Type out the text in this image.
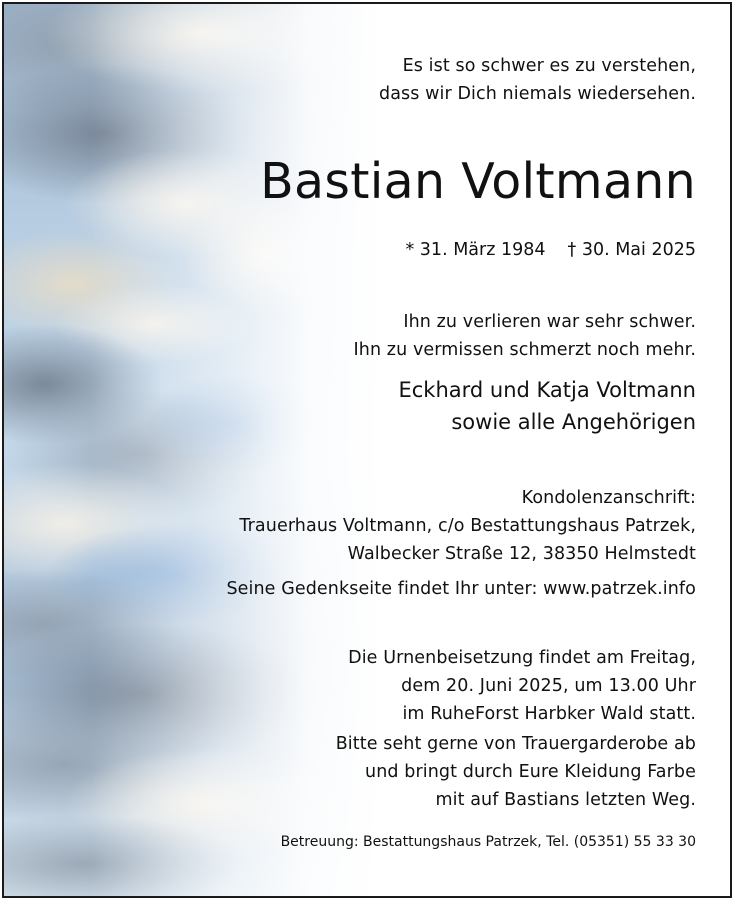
Es ist so schwer es zu verstehen,
dass wir Dich niemals wiedersehen.
Bastian Voltmann
* 31. März 1984 † 30. Mai 2025
Ihn zu verlieren war sehr schwer.
Ihn zu vermissen schmerzt noch mehr.
Eckhard und Katja Voltmann
sowie alle Angehörigen
Kondolenzanschrift:
Trauerhaus Voltmann, c/o Bestattungshaus Patrzek,
Walbecker Straße 12, 38350 Helmstedt
Seine Gedenkseite findet Ihr unter: www.patrzek.info
Die Urnenbeisetzung findet am Freitag,
dem 20. Juni 2025, um 13.00 Uhr
im RuheForst Harbker Wald statt.
Bitte seht gerne von Trauergarderobe ab
und bringt durch Eure Kleidung Farbe
mit auf Bastians letzten Weg.
Betreuung: Bestattungshaus Patrzek, Tel. (05351) 55 33 30
